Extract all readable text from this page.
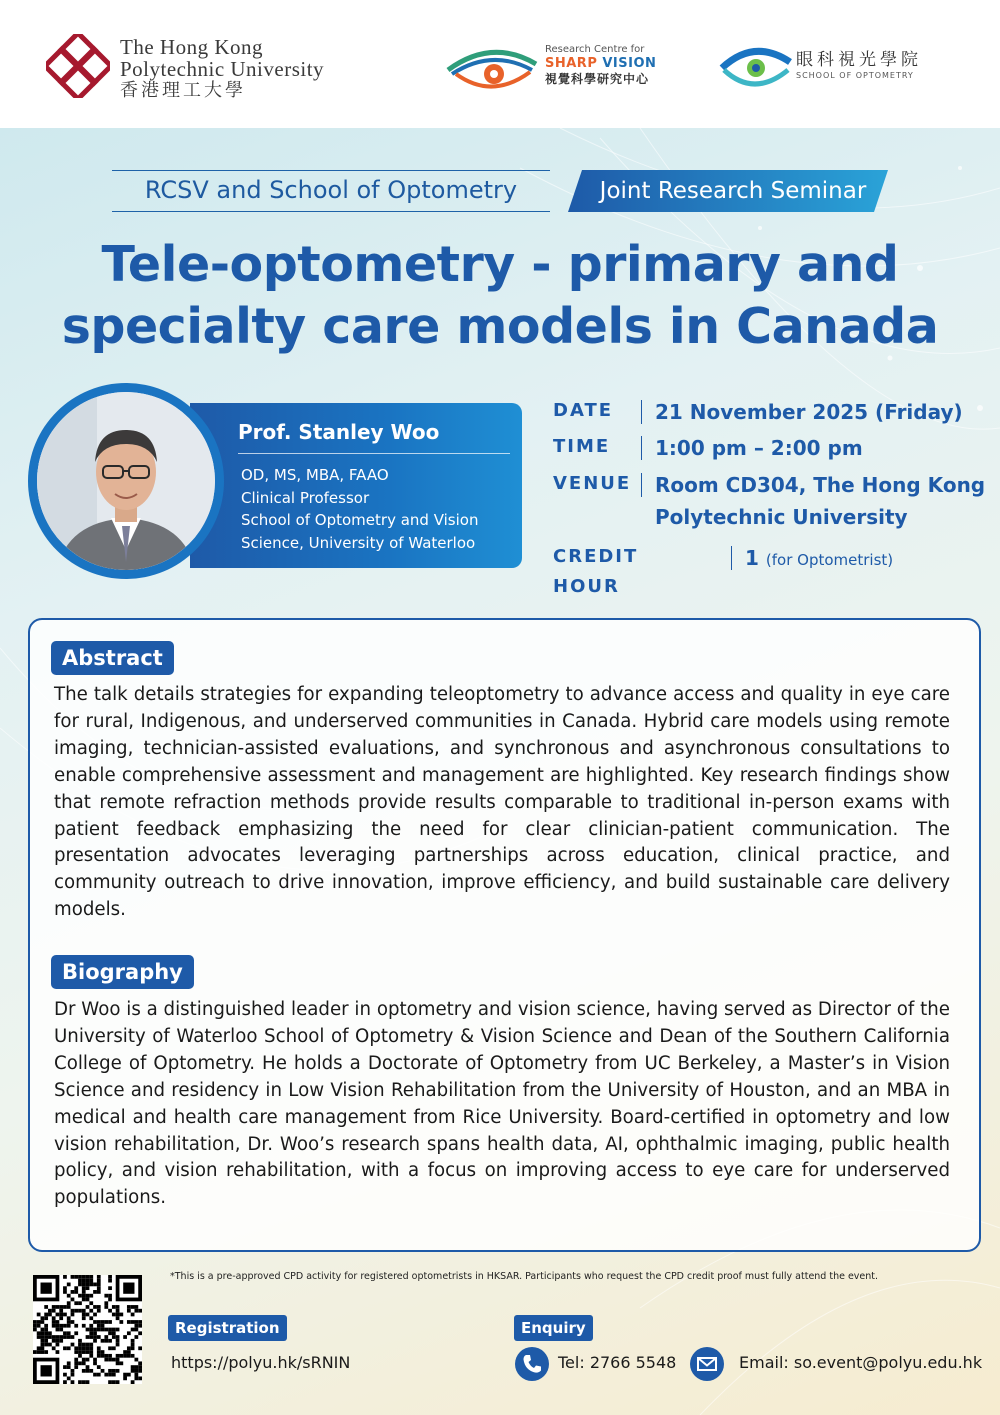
The Hong Kong
Polytechnic University
香港理工大學
Research Centre for
SHARP VISION
視覺科學研究中心
眼科視光學院
SCHOOL OF OPTOMETRY
RCSV and School of Optometry	Joint Research Seminar
Tele-optometry - primary and
specialty care models in Canada
Prof. Stanley Woo
OD, MS, MBA, FAAO
Clinical Professor
School of Optometry and Vision
Science, University of Waterloo
DATE 21 November 2025 (Friday)
TIME 1:00 pm – 2:00 pm
VENUE Room CD304, The Hong Kong
Polytechnic University
CREDIT HOUR
1 (for Optometrist)
Abstract
The talk details strategies for expanding teleoptometry to advance access and quality in eye care for rural, Indigenous, and underserved communities in Canada. Hybrid care models using remote imaging, technician-assisted evaluations, and synchronous and asynchronous consultations to enable comprehensive assessment and management are highlighted. Key research findings show that remote refraction methods provide results comparable to traditional in-person exams with patient feedback emphasizing the need for clear clinician-patient communication. The presentation advocates leveraging partnerships across education, clinical practice, and community outreach to drive innovation, improve efficiency, and build sustainable care delivery models.
Biography
Dr Woo is a distinguished leader in optometry and vision science, having served as Director of the University of Waterloo School of Optometry & Vision Science and Dean of the Southern California College of Optometry. He holds a Doctorate of Optometry from UC Berkeley, a Master’s in Vision Science and residency in Low Vision Rehabilitation from the University of Houston, and an MBA in medical and health care management from Rice University. Board-certified in optometry and low vision rehabilitation, Dr. Woo’s research spans health data, AI, ophthalmic imaging, public health policy, and vision rehabilitation, with a focus on improving access to eye care for underserved populations.
*This is a pre-approved CPD activity for registered optometrists in HKSAR. Participants who request the CPD credit proof must fully attend the event.
Registration
https://polyu.hk/sRNIN
Enquiry
Tel: 2766 5548	Email: so.event@polyu.edu.hk
